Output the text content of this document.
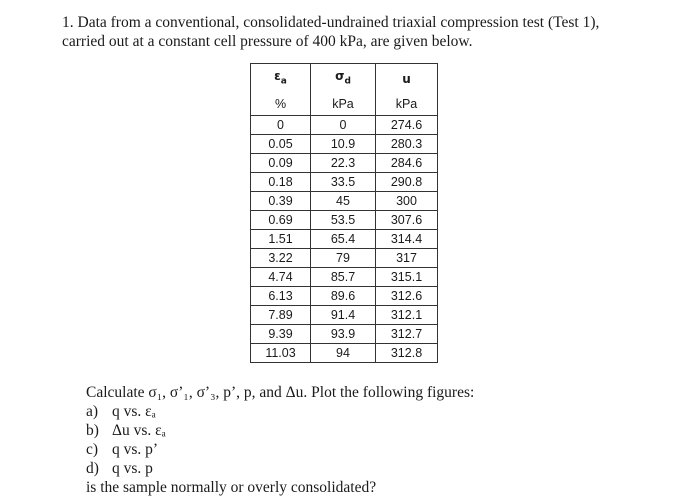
1. Data from a conventional, consolidated-undrained triaxial compression test (Test 1),
carried out at a constant cell pressure of 400 kPa, are given below.
$\varepsilon_a$	$\sigma_d$	u
%	kPa	kPa
0	0	274.6
0.05	10.9	280.3
0.09	22.3	284.6
0.18	33.5	290.8
0.39	45	300
0.69	53.5	307.6
1.51	65.4	314.4
3.22	79	317
4.74	85.7	315.1
6.13	89.6	312.6
7.89	91.4	312.1
9.39	93.9	312.7
11.03	94	312.8
Calculate σ₁, σ’₁, σ’₃, p’, p, and Δu. Plot the following figures:
a) q vs. εₐ
b) Δu vs. εₐ
c) q vs. p’
d) q vs. p
is the sample normally or overly consolidated?
